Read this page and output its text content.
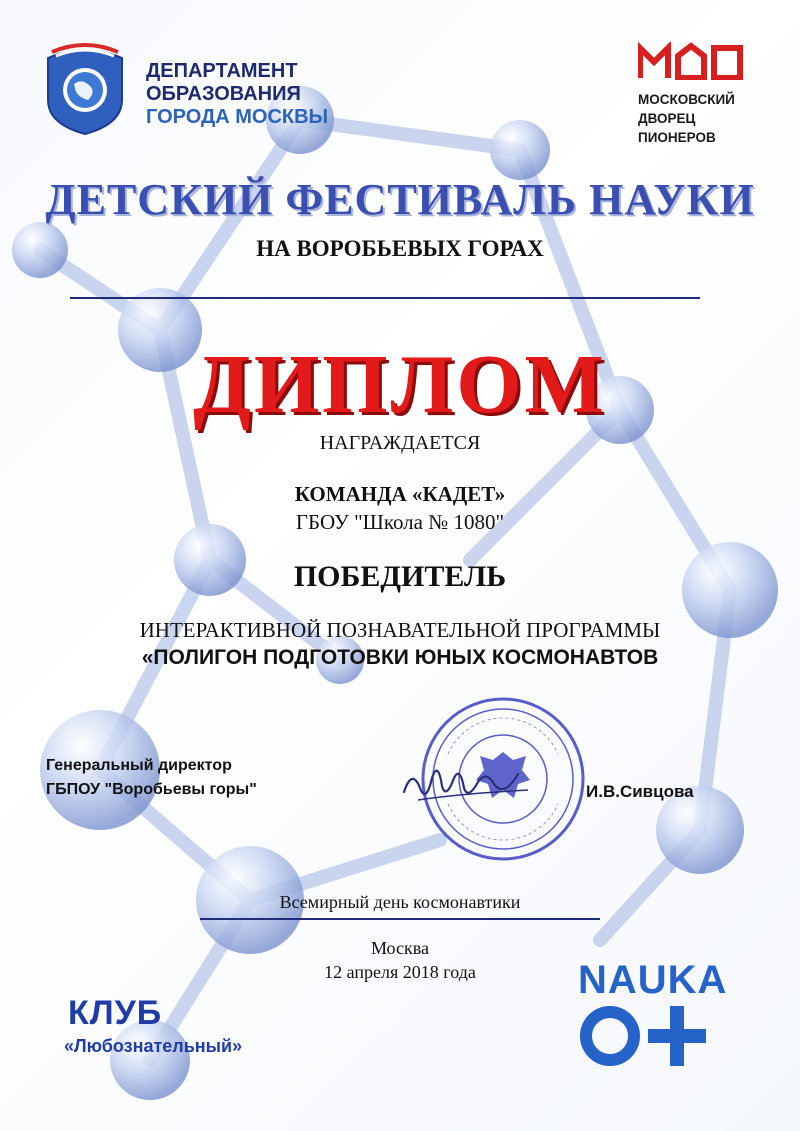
ДЕПАРТАМЕНТ
ОБРАЗОВАНИЯ
ГОРОДА МОСКВЫ
МДП
МОСКОВСКИЙ
ДВОРЕЦ
ПИОНЕРОВ
ДЕТСКИЙ ФЕСТИВАЛЬ НАУКИ
НА ВОРОБЬЕВЫХ ГОРАХ
ДИПЛОМ
НАГРАЖДАЕТСЯ
КОМАНДА «КАДЕТ»
ГБОУ "Школа № 1080"
ПОБЕДИТЕЛЬ
ИНТЕРАКТИВНОЙ ПОЗНАВАТЕЛЬНОЙ ПРОГРАММЫ
«ПОЛИГОН ПОДГОТОВКИ ЮНЫХ КОСМОНАВТОВ
Генеральный директор
ГБПОУ "Воробьевы горы"	И.В.Сивцова
Всемирный день космонавтики
Москва
12 апреля 2018 года
КЛУБ
«Любознательный»
NAUKA
